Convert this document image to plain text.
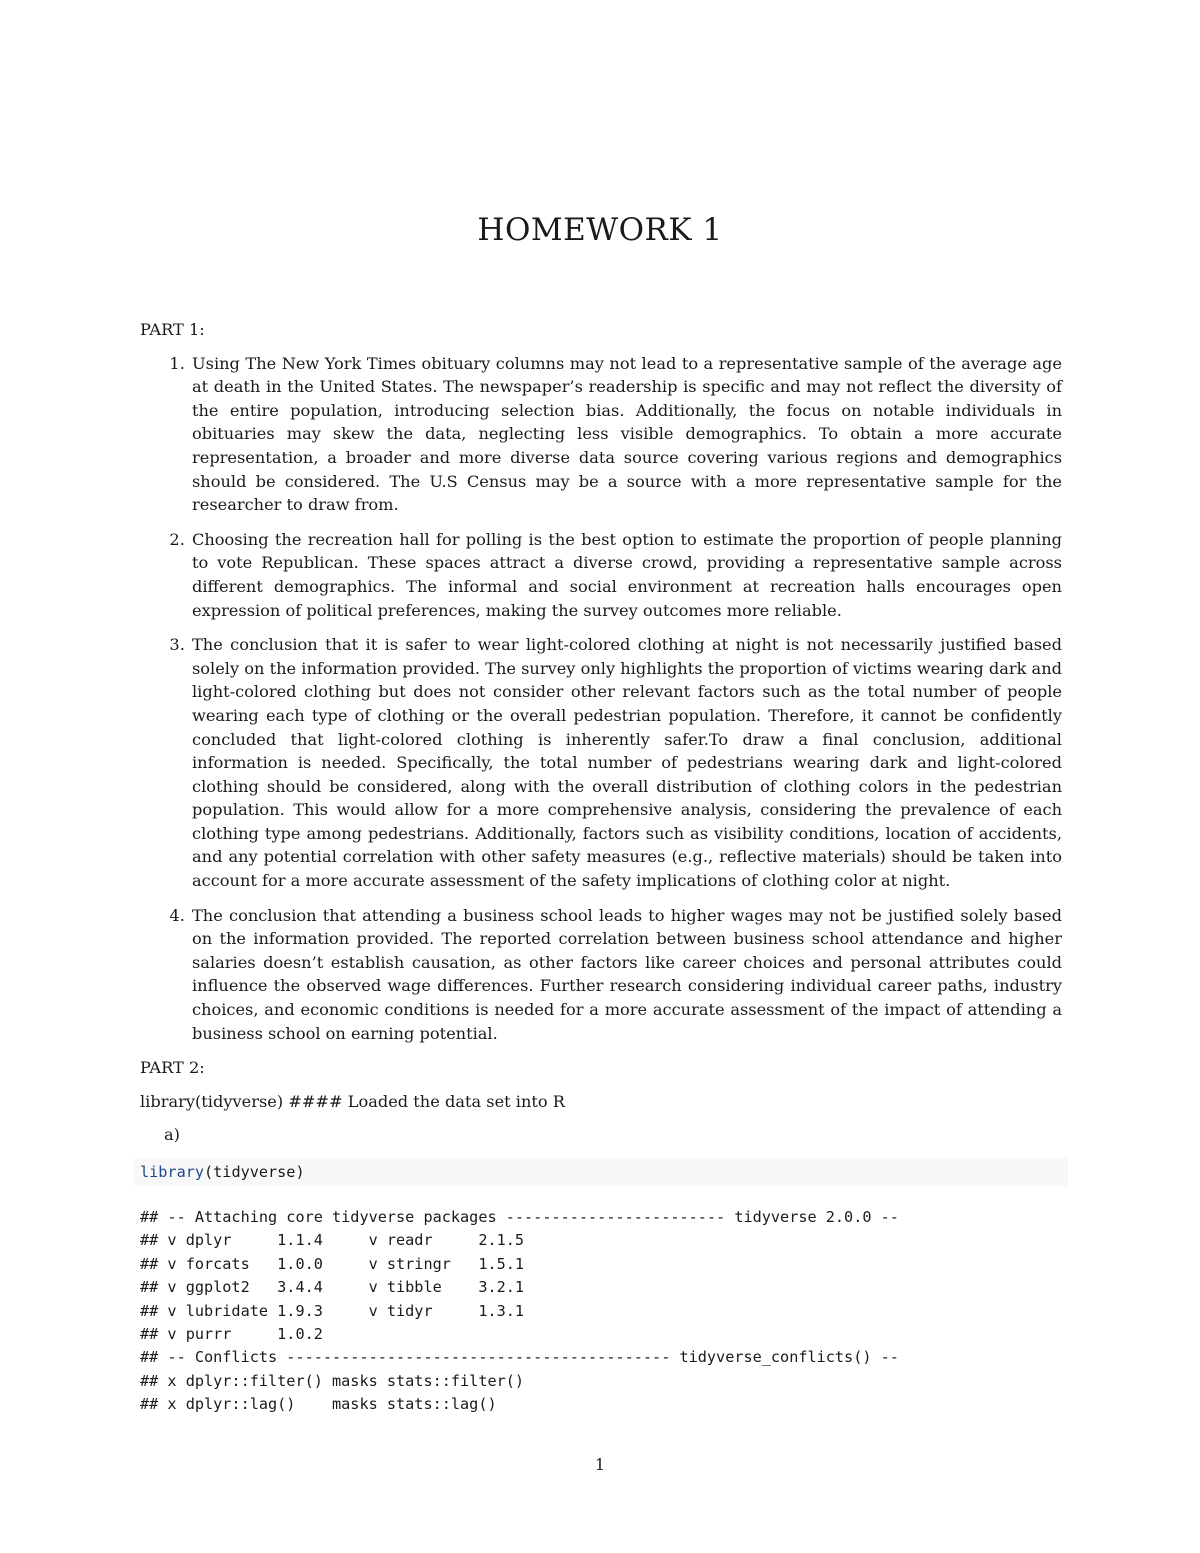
HOMEWORK 1
PART 1:
1. Using The New York Times obituary columns may not lead to a representative sample of the average age at death in the United States. The newspaper’s readership is specific and may not reflect the diversity of the entire population, introducing selection bias. Additionally, the focus on notable individuals in obituaries may skew the data, neglecting less visible demographics. To obtain a more accurate representation, a broader and more diverse data source covering various regions and demographics should be considered. The U.S Census may be a source with a more representative sample for the researcher to draw from.
2. Choosing the recreation hall for polling is the best option to estimate the proportion of people planning to vote Republican. These spaces attract a diverse crowd, providing a representative sample across different demographics. The informal and social environment at recreation halls encourages open expression of political preferences, making the survey outcomes more reliable.
3. The conclusion that it is safer to wear light-colored clothing at night is not necessarily justified based solely on the information provided. The survey only highlights the proportion of victims wearing dark and light-colored clothing but does not consider other relevant factors such as the total number of people wearing each type of clothing or the overall pedestrian population. Therefore, it cannot be confidently concluded that light-colored clothing is inherently safer.To draw a final conclusion, additional information is needed. Specifically, the total number of pedestrians wearing dark and light-colored clothing should be considered, along with the overall distribution of clothing colors in the pedestrian population. This would allow for a more comprehensive analysis, considering the prevalence of each clothing type among pedestrians. Additionally, factors such as visibility conditions, location of accidents, and any potential correlation with other safety measures (e.g., reflective materials) should be taken into account for a more accurate assessment of the safety implications of clothing color at night.
4. The conclusion that attending a business school leads to higher wages may not be justified solely based on the information provided. The reported correlation between business school attendance and higher salaries doesn’t establish causation, as other factors like career choices and personal attributes could influence the observed wage differences. Further research considering individual career paths, industry choices, and economic conditions is needed for a more accurate assessment of the impact of attending a business school on earning potential.
PART 2:
library(tidyverse) #### Loaded the data set into R
a)
library(tidyverse)
## -- Attaching core tidyverse packages ------------------------ tidyverse 2.0.0 --
## v dplyr     1.1.4     v readr     2.1.5
## v forcats   1.0.0     v stringr   1.5.1
## v ggplot2   3.4.4     v tibble    3.2.1
## v lubridate 1.9.3     v tidyr     1.3.1
## v purrr     1.0.2
## -- Conflicts ------------------------------------------ tidyverse_conflicts() --
## x dplyr::filter() masks stats::filter()
## x dplyr::lag()    masks stats::lag()
1
